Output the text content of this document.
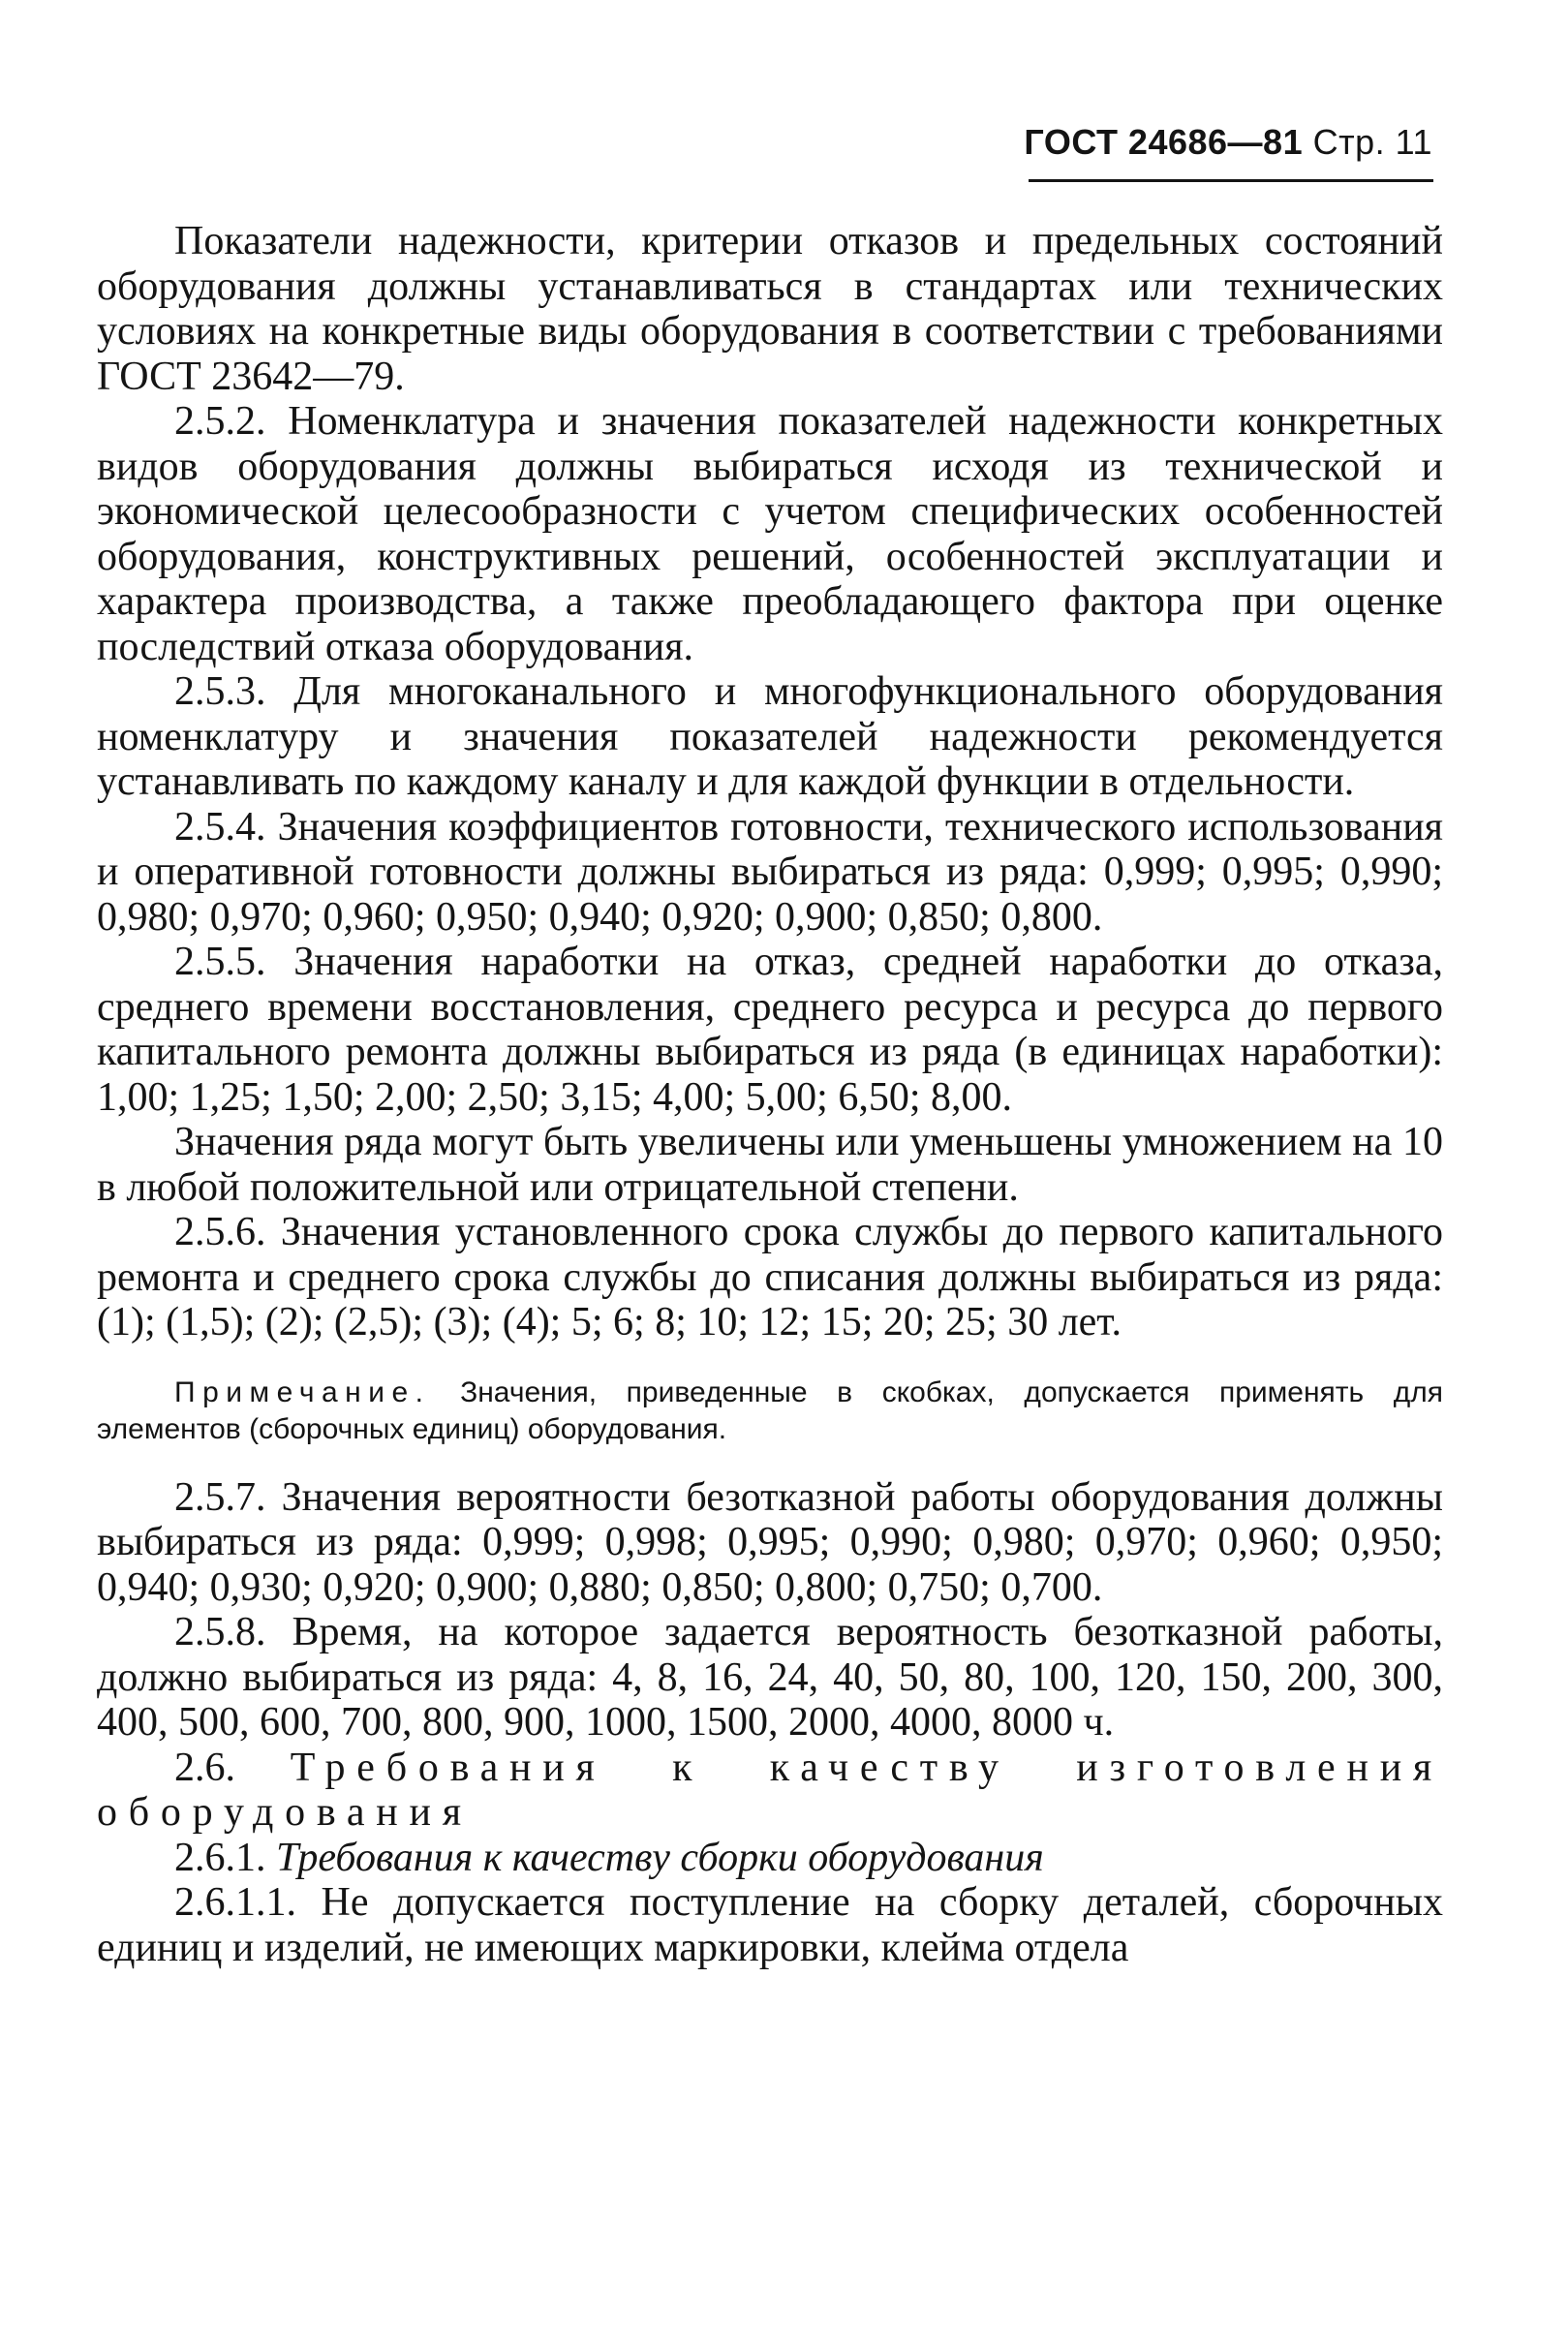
ГОСТ 24686—81 Стр. 11

Показатели надежности, критерии отказов и предельных состояний оборудования должны устанавливаться в стандартах или технических условиях на конкретные виды оборудования в соответствии с требованиями ГОСТ 23642—79.

2.5.2. Номенклатура и значения показателей надежности конкретных видов оборудования должны выбираться исходя из технической и экономической целесообразности с учетом специфических особенностей оборудования, конструктивных решений, особенностей эксплуатации и характера производства, а также преобладающего фактора при оценке последствий отказа оборудования.

2.5.3. Для многоканального и многофункционального оборудования номенклатуру и значения показателей надежности рекомендуется устанавливать по каждому каналу и для каждой функции в отдельности.

2.5.4. Значения коэффициентов готовности, технического использования и оперативной готовности должны выбираться из ряда: 0,999; 0,995; 0,990; 0,980; 0,970; 0,960; 0,950; 0,940; 0,920; 0,900; 0,850; 0,800.

2.5.5. Значения наработки на отказ, средней наработки до отказа, среднего времени восстановления, среднего ресурса и ресурса до первого капитального ремонта должны выбираться из ряда (в единицах наработки): 1,00; 1,25; 1,50; 2,00; 2,50; 3,15; 4,00; 5,00; 6,50; 8,00.

Значения ряда могут быть увеличены или уменьшены умножением на 10 в любой положительной или отрицательной степени.

2.5.6. Значения установленного срока службы до первого капитального ремонта и среднего срока службы до списания должны выбираться из ряда: (1); (1,5); (2); (2,5); (3); (4); 5; 6; 8; 10; 12; 15; 20; 25; 30 лет.

Примечание. Значения, приведенные в скобках, допускается применять для элементов (сборочных единиц) оборудования.

2.5.7. Значения вероятности безотказной работы оборудования должны выбираться из ряда: 0,999; 0,998; 0,995; 0,990; 0,980; 0,970; 0,960; 0,950; 0,940; 0,930; 0,920; 0,900; 0,880; 0,850; 0,800; 0,750; 0,700.

2.5.8. Время, на которое задается вероятность безотказной работы, должно выбираться из ряда: 4, 8, 16, 24, 40, 50, 80, 100, 120, 150, 200, 300, 400, 500, 600, 700, 800, 900, 1000, 1500, 2000, 4000, 8000 ч.

2.6. Требования к качеству изготовления оборудования

2.6.1. Требования к качеству сборки оборудования

2.6.1.1. Не допускается поступление на сборку деталей, сборочных единиц и изделий, не имеющих маркировки, клейма отдела
